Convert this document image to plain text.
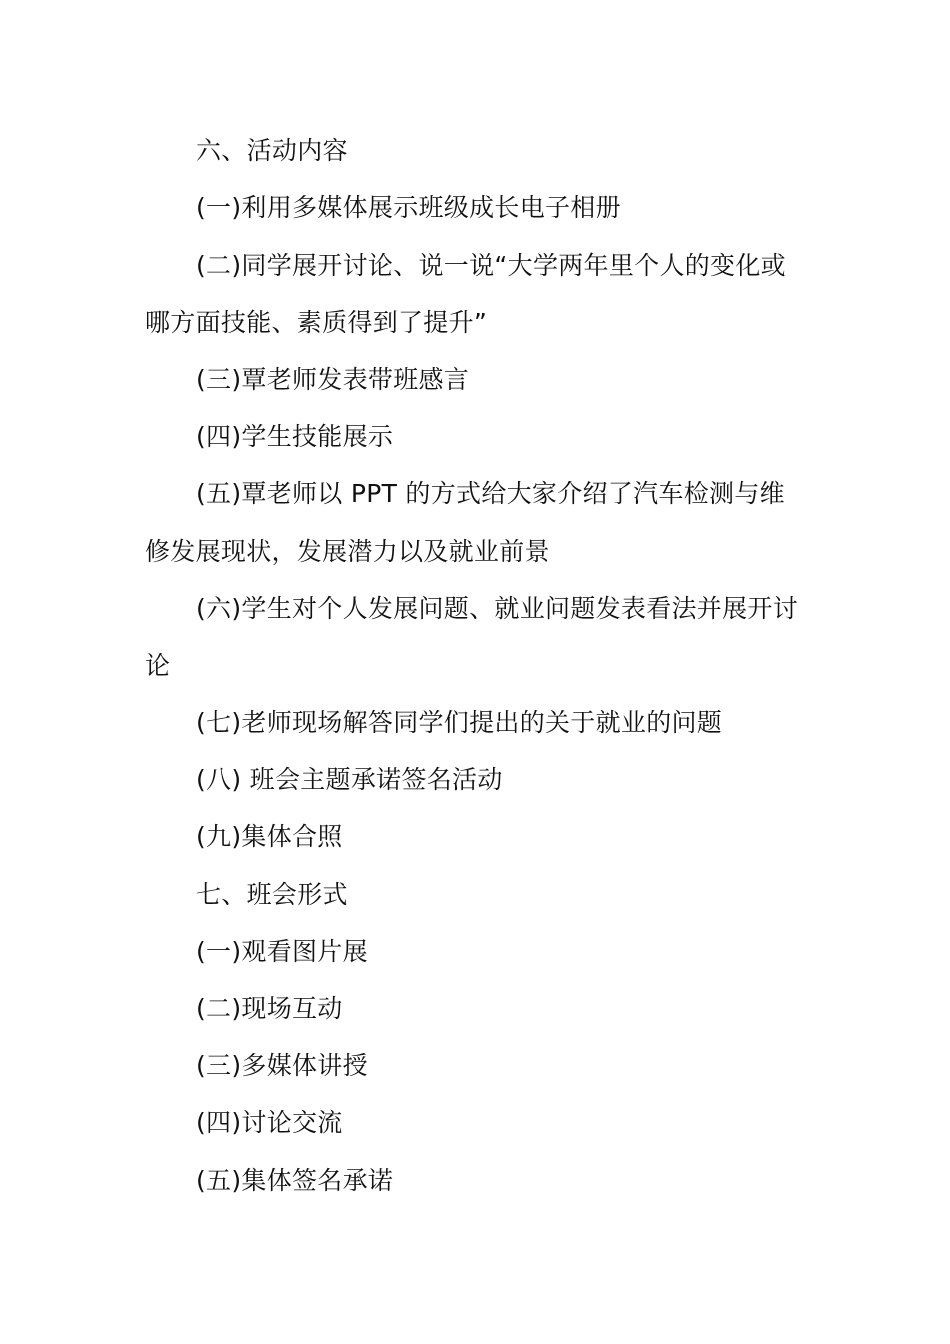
六、活动内容
(一)利用多媒体展示班级成长电子相册
(二)同学展开讨论、说一说“大学两年里个人的变化或
哪方面技能、素质得到了提升”
(三)覃老师发表带班感言
(四)学生技能展示
(五)覃老师以 PPT 的方式给大家介绍了汽车检测与维
修发展现状，发展潜力以及就业前景
(六)学生对个人发展问题、就业问题发表看法并展开讨
论
(七)老师现场解答同学们提出的关于就业的问题
(八) 班会主题承诺签名活动
(九)集体合照
七、班会形式
(一)观看图片展
(二)现场互动
(三)多媒体讲授
(四)讨论交流
(五)集体签名承诺
